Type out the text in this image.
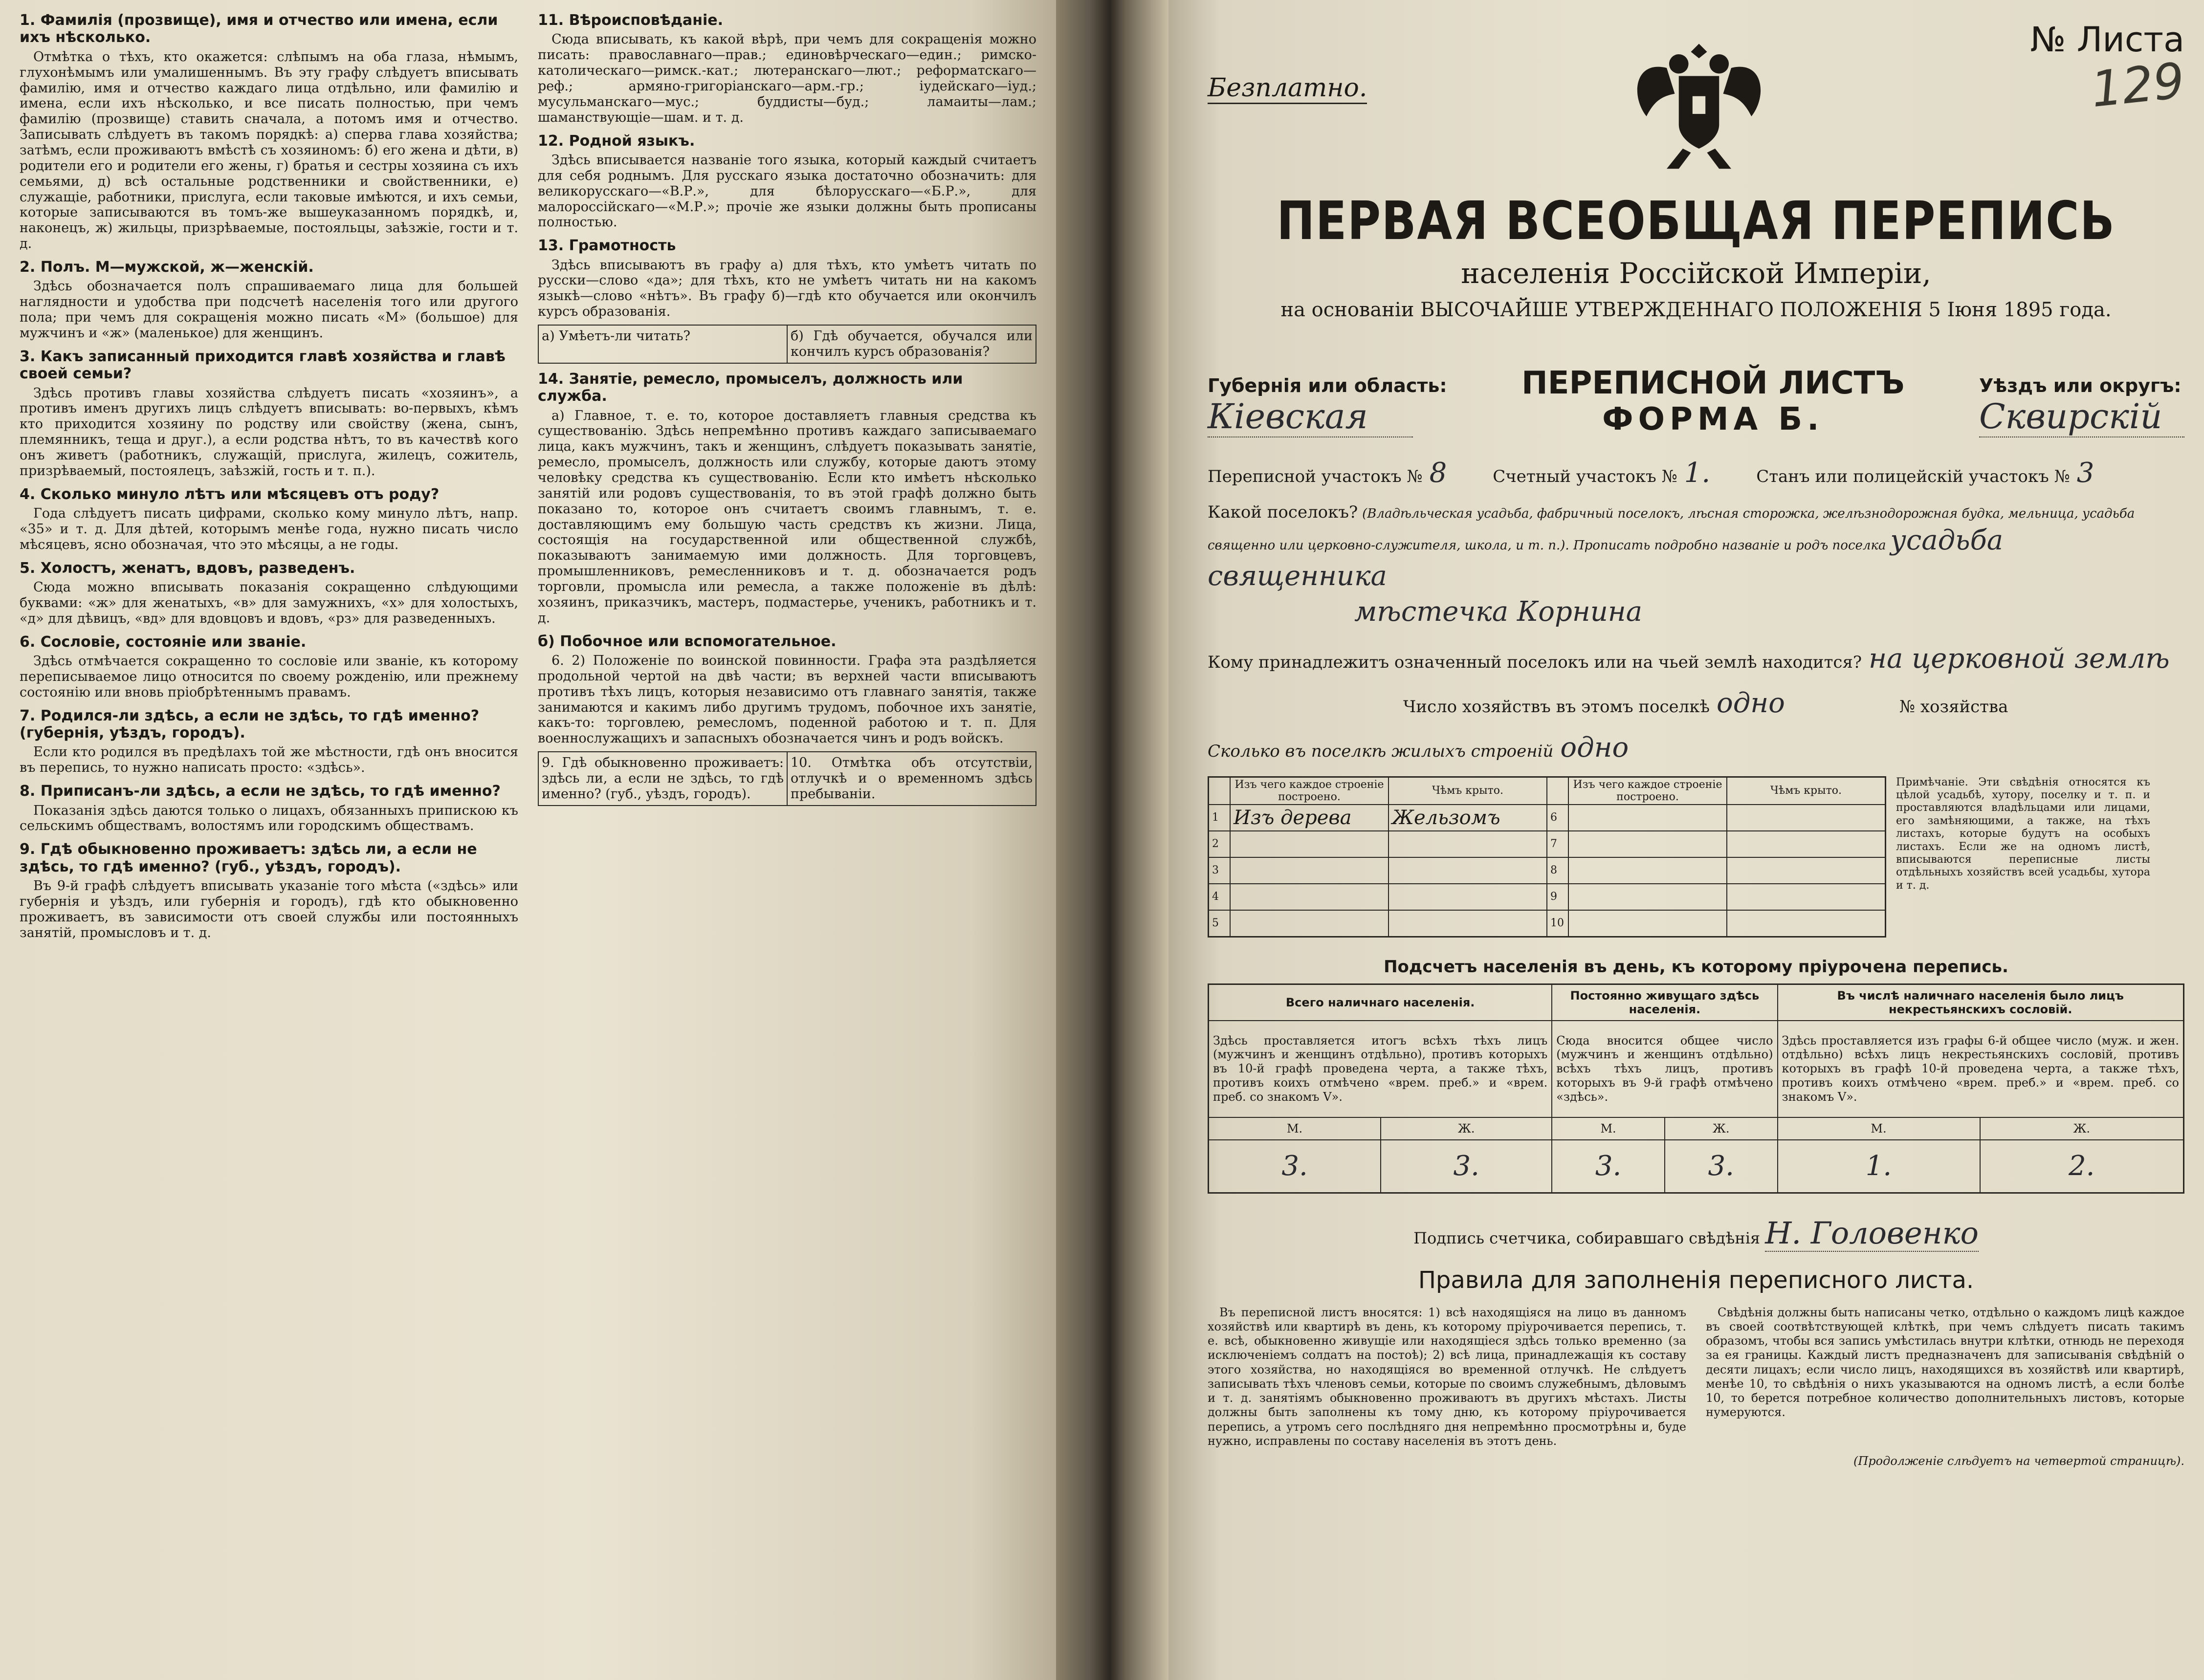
1. Фамилія (прозвище), имя и отчество или имена, если ихъ нѣсколько.

Отмѣтка о тѣхъ, кто окажется: слѣпымъ на оба глаза, нѣмымъ, глухонѣмымъ или умалишеннымъ. Въ эту графу слѣдуетъ вписывать фамилію, имя и отчество каждаго лица отдѣльно, или фамилію и имена, если ихъ нѣсколько, и все писать полностью, при чемъ фамилію (прозвище) ставить сначала, а потомъ имя и отчество. Записывать слѣдуетъ въ такомъ порядкѣ: а) сперва глава хозяйства; затѣмъ, если проживаютъ вмѣстѣ съ хозяиномъ: б) его жена и дѣти, в) родители его и родители его жены, г) братья и сестры хозяина съ ихъ семьями, д) всѣ остальные родственники и свойственники, е) служащіе, работники, прислуга, если таковые имѣются, и ихъ семьи, которые записываются въ томъ-же вышеуказанномъ порядкѣ, и, наконецъ, ж) жильцы, призрѣваемые, постояльцы, заѣзжіе, гости и т. д.

2. Полъ. М—мужской, ж—женскій.

Здѣсь обозначается полъ спрашиваемаго лица для большей наглядности и удобства при подсчетѣ населенія того или другого пола; при чемъ для сокращенія можно писать «М» (большое) для мужчинъ и «ж» (маленькое) для женщинъ.

3. Какъ записанный приходится главѣ хозяйства и главѣ своей семьи?

Здѣсь противъ главы хозяйства слѣдуетъ писать «хозяинъ», а противъ именъ другихъ лицъ слѣдуетъ вписывать: во-первыхъ, кѣмъ кто приходится хозяину по родству или свойству (жена, сынъ, племянникъ, теща и друг.), а если родства нѣтъ, то въ качествѣ кого онъ живетъ (работникъ, служащій, прислуга, жилецъ, сожитель, призрѣваемый, постоялецъ, заѣзжій, гость и т. п.).

4. Сколько минуло лѣтъ или мѣсяцевъ отъ роду?

Года слѣдуетъ писать цифрами, сколько кому минуло лѣтъ, напр. «35» и т. д. Для дѣтей, которымъ менѣе года, нужно писать число мѣсяцевъ, ясно обозначая, что это мѣсяцы, а не годы.

5. Холостъ, женатъ, вдовъ, разведенъ.

Сюда можно вписывать показанія сокращенно слѣдующими буквами: «ж» для женатыхъ, «в» для замужнихъ, «х» для холостыхъ, «д» для дѣвицъ, «вд» для вдовцовъ и вдовъ, «рз» для разведенныхъ.

6. Сословіе, состояніе или званіе.

Здѣсь отмѣчается сокращенно то сословіе или званіе, къ которому переписываемое лицо относится по своему рожденію, или прежнему состоянію или вновь пріобрѣтеннымъ правамъ.

7. Родился-ли здѣсь, а если не здѣсь, то гдѣ именно? (губернія, уѣздъ, городъ).

Если кто родился въ предѣлахъ той же мѣстности, гдѣ онъ вносится въ перепись, то нужно написать просто: «здѣсь».

8. Приписанъ-ли здѣсь, а если не здѣсь, то гдѣ именно?

Показанія здѣсь даются только о лицахъ, обязанныхъ припискою къ сельскимъ обществамъ, волостямъ или городскимъ обществамъ.

9. Гдѣ обыкновенно проживаетъ: здѣсь ли, а если не здѣсь, то гдѣ именно? (губ., уѣздъ, городъ).

Въ 9-й графѣ слѣдуетъ вписывать указаніе того мѣста («здѣсь» или губернія и уѣздъ, или губернія и городъ), гдѣ кто обыкновенно проживаетъ, въ зависимости отъ своей службы или постоянныхъ занятій, промысловъ и т. д.

11. Вѣроисповѣданіе.

Сюда вписывать, къ какой вѣрѣ, при чемъ для сокращенія можно писать: православнаго—прав.; единовѣрческаго—един.; римско-католическаго—римск.-кат.; лютеранскаго—лют.; реформатскаго—реф.; армяно-григоріанскаго—арм.-гр.; іудейскаго—іуд.; мусульманскаго—мус.; буддисты—буд.; ламаиты—лам.; шаманствующіе—шам. и т. д.

12. Родной языкъ.

Здѣсь вписывается названіе того языка, который каждый считаетъ для себя роднымъ. Для русскаго языка достаточно обозначить: для великорусскаго—«В.Р.», для бѣлорусскаго—«Б.Р.», для малороссійскаго—«М.Р.»; прочіе же языки должны быть прописаны полностью.

13. Грамотность

Здѣсь вписываютъ въ графу а) для тѣхъ, кто умѣетъ читать по русски—слово «да»; для тѣхъ, кто не умѣетъ читать ни на какомъ языкѣ—слово «нѣтъ». Въ графу б)—гдѣ кто обучается или окончилъ курсъ образованія.

а) Умѣетъ-ли читать?	б) Гдѣ обучается, обучался или кончилъ курсъ образованія?
14. Занятіе, ремесло, промыселъ, должность или служба.

а) Главное, т. е. то, которое доставляетъ главныя средства къ существованію. Здѣсь непремѣнно противъ каждаго записываемаго лица, какъ мужчинъ, такъ и женщинъ, слѣдуетъ показывать занятіе, ремесло, промыселъ, должность или службу, которые даютъ этому человѣку средства къ существованію. Если кто имѣетъ нѣсколько занятій или родовъ существованія, то въ этой графѣ должно быть показано то, которое онъ считаетъ своимъ главнымъ, т. е. доставляющимъ ему большую часть средствъ къ жизни. Лица, состоящія на государственной или общественной службѣ, показываютъ занимаемую ими должность. Для торговцевъ, промышленниковъ, ремесленниковъ и т. д. обозначается родъ торговли, промысла или ремесла, а также положеніе въ дѣлѣ: хозяинъ, приказчикъ, мастеръ, подмастерье, ученикъ, работникъ и т. д.

б) Побочное или вспомогательное.

6. 2) Положеніе по воинской повинности. Графа эта раздѣляется продольной чертой на двѣ части; въ верхней части вписываютъ противъ тѣхъ лицъ, которыя независимо отъ главнаго занятія, также занимаются и какимъ либо другимъ трудомъ, побочное ихъ занятіе, какъ-то: торговлею, ремесломъ, поденной работою и т. п. Для военнослужащихъ и запасныхъ обозначается чинъ и родъ войскъ.

9. Гдѣ обыкновенно проживаетъ: здѣсь ли, а если не здѣсь, то гдѣ именно? (губ., уѣздъ, городъ).
10. Отмѣтка объ отсутствіи, отлучкѣ и о временномъ здѣсь пребываніи.
Безплатно.
№ Листа
129
ПЕРВАЯ ВСЕОБЩАЯ ПЕРЕПИСЬ
населенія Россійской Имперіи,
на основаніи ВЫСОЧАЙШЕ УТВЕРЖДЕННАГО ПОЛОЖЕНІЯ 5 Іюня 1895 года.
Губернія или область:
Кіевская
ПЕРЕПИСНОЙ ЛИСТЪ
ФОРМА Б.
Уѣздъ или округъ:
Сквирскій
Переписной участокъ № 8	Счетный участокъ № 1.	Станъ или полицейскій участокъ № 3
Какой поселокъ? (Владѣльческая усадьба, фабричный поселокъ, лѣсная сторожка, желѣзнодорожная будка, мельница, усадьба священно или церковно-служителя, школа, и т. п.). Прописать подробно названіе и родъ поселка усадьба священника
мѣстечка Корнина
Кому принадлежитъ означенный поселокъ или на чьей землѣ находится? на церковной землѣ
Число хозяйствъ въ этомъ поселкѣ одно	№ хозяйства
Сколько въ поселкѣ жилыхъ строеній одно
	Изъ чего каждое строеніе построено.	Чѣмъ крыто.		Изъ чего каждое строеніе построено.	Чѣмъ крыто.
1	Изъ дерева	Жельзомъ	6		
2			7		
3			8		
4			9		
5			10		
Примѣчаніе. Эти свѣдѣнія относятся къ цѣлой усадьбѣ, хутору, поселку и т. п. и проставляются владѣльцами или лицами, его замѣняющими, а также, на тѣхъ листахъ, которые будутъ на особыхъ листахъ. Если же на одномъ листѣ, вписываются переписные листы отдѣльныхъ хозяйствъ всей усадьбы, хутора и т. д.
Подсчетъ населенія въ день, къ которому пріурочена перепись.
Всего наличнаго населенія.		Постоянно живущаго здѣсь населенія.		Въ числѣ наличнаго населенія было лицъ некрестьянскихъ сословій.	
Здѣсь проставляется итогъ всѣхъ тѣхъ лицъ (мужчинъ и женщинъ отдѣльно), противъ которыхъ въ 10-й графѣ проведена черта, а также тѣхъ, противъ коихъ отмѣчено «врем. преб.» и «врем. преб. со знакомъ V».		Сюда вносится общее число (мужчинъ и женщинъ отдѣльно) всѣхъ тѣхъ лицъ, противъ которыхъ въ 9-й графѣ отмѣчено «здѣсь».		Здѣсь проставляется изъ графы 6-й общее число (муж. и жен. отдѣльно) всѣхъ лицъ некрестьянскихъ сословій, противъ которыхъ въ графѣ 10-й проведена черта, а также тѣхъ, противъ коихъ отмѣчено «врем. преб.» и «врем. преб. со знакомъ V».	
М.	Ж.	М.	Ж.	М.	Ж.
3.	3.	3.	3.	1.	2.
Подпись счетчика, собиравшаго свѣдѣнія Н. Головенко
Правила для заполненія переписного листа.

Въ переписной листъ вносятся: 1) всѣ находящіяся на лицо въ данномъ хозяйствѣ или квартирѣ въ день, къ которому пріурочивается перепись, т. е. всѣ, обыкновенно живущіе или находящіеся здѣсь только временно (за исключеніемъ солдатъ на постоѣ); 2) всѣ лица, принадлежащія къ составу этого хозяйства, но находящіяся во временной отлучкѣ. Не слѣдуетъ записывать тѣхъ членовъ семьи, которые по своимъ служебнымъ, дѣловымъ и т. д. занятіямъ обыкновенно проживаютъ въ другихъ мѣстахъ. Листы должны быть заполнены къ тому дню, къ которому пріурочивается перепись, а утромъ сего послѣдняго дня непремѣнно просмотрѣны и, буде нужно, исправлены по составу населенія въ этотъ день.

Свѣдѣнія должны быть написаны четко, отдѣльно о каждомъ лицѣ каждое въ своей соотвѣтствующей клѣткѣ, при чемъ слѣдуетъ писать такимъ образомъ, чтобы вся запись умѣстилась внутри клѣтки, отнюдь не переходя за ея границы. Каждый листъ предназначенъ для записыванія свѣдѣній о десяти лицахъ; если число лицъ, находящихся въ хозяйствѣ или квартирѣ, менѣе 10, то свѣдѣнія о нихъ указываются на одномъ листѣ, а если болѣе 10, то берется потребное количество дополнительныхъ листовъ, которые нумеруются.

(Продолженіе слѣдуетъ на четвертой страницѣ).
